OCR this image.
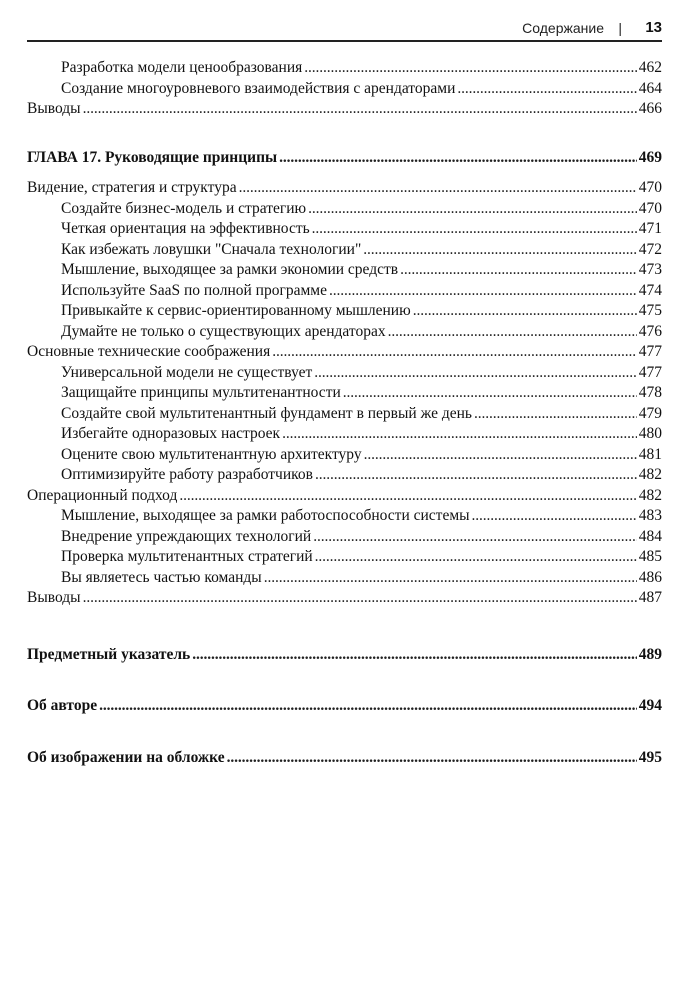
Содержание | 13
Разработка модели ценообразования . . .	462
Создание многоуровневого взаимодействия с арендаторами . . .	464
Выводы . . .	466
ГЛАВА 17. Руководящие принципы . . .	469
Видение, стратегия и структура . . .	470
Создайте бизнес-модель и стратегию . . .	470
Четкая ориентация на эффективность . . .	471
Как избежать ловушки "Сначала технологии" . . .	472
Мышление, выходящее за рамки экономии средств . . .	473
Используйте SaaS по полной программе . . .	474
Привыкайте к сервис-ориентированному мышлению . . .	475
Думайте не только о существующих арендаторах . . .	476
Основные технические соображения . . .	477
Универсальной модели не существует . . .	477
Защищайте принципы мультитенантности . . .	478
Создайте свой мультитенантный фундамент в первый же день . . .	479
Избегайте одноразовых настроек . . .	480
Оцените свою мультитенантную архитектуру . . .	481
Оптимизируйте работу разработчиков . . .	482
Операционный подход . . .	482
Мышление, выходящее за рамки работоспособности системы . . .	483
Внедрение упреждающих технологий . . .	484
Проверка мультитенантных стратегий . . .	485
Вы являетесь частью команды . . .	486
Выводы . . .	487
Предметный указатель . . .	489
Об авторе . . .	494
Об изображении на обложке . . .	495
